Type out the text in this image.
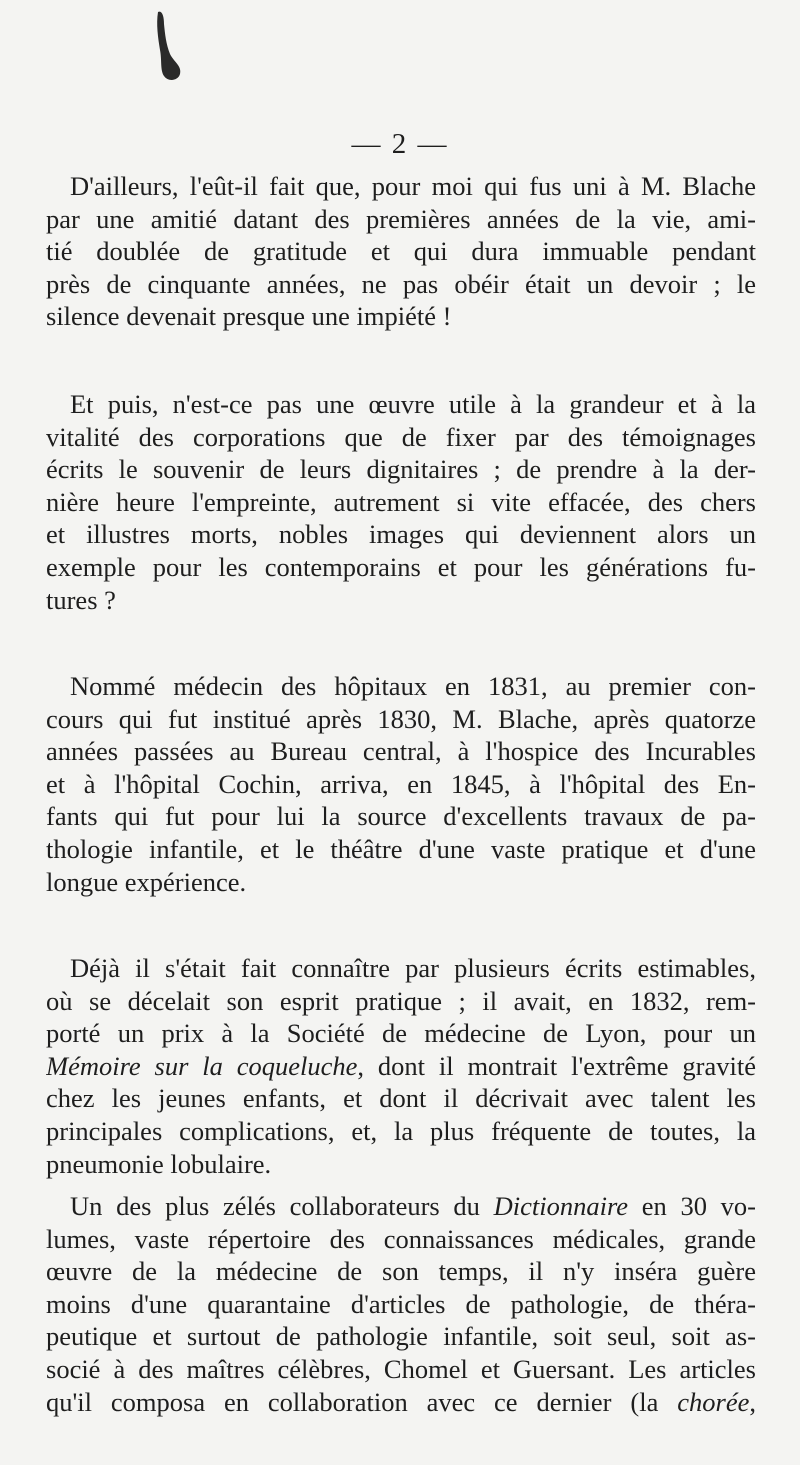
— 2 —
D'ailleurs, l'eût-il fait que, pour moi qui fus uni à M. Blache
par une amitié datant des premières années de la vie, ami-
tié doublée de gratitude et qui dura immuable pendant
près de cinquante années, ne pas obéir était un devoir ; le
silence devenait presque une impiété !
Et puis, n'est-ce pas une œuvre utile à la grandeur et à la
vitalité des corporations que de fixer par des témoignages
écrits le souvenir de leurs dignitaires ; de prendre à la der-
nière heure l'empreinte, autrement si vite effacée, des chers
et illustres morts, nobles images qui deviennent alors un
exemple pour les contemporains et pour les générations fu-
tures ?
Nommé médecin des hôpitaux en 1831, au premier con-
cours qui fut institué après 1830, M. Blache, après quatorze
années passées au Bureau central, à l'hospice des Incurables
et à l'hôpital Cochin, arriva, en 1845, à l'hôpital des En-
fants qui fut pour lui la source d'excellents travaux de pa-
thologie infantile, et le théâtre d'une vaste pratique et d'une
longue expérience.
Déjà il s'était fait connaître par plusieurs écrits estimables,
où se décelait son esprit pratique ; il avait, en 1832, rem-
porté un prix à la Société de médecine de Lyon, pour un
Mémoire sur la coqueluche, dont il montrait l'extrême gravité
chez les jeunes enfants, et dont il décrivait avec talent les
principales complications, et, la plus fréquente de toutes, la
pneumonie lobulaire.
Un des plus zélés collaborateurs du Dictionnaire en 30 vo-
lumes, vaste répertoire des connaissances médicales, grande
œuvre de la médecine de son temps, il n'y inséra guère
moins d'une quarantaine d'articles de pathologie, de théra-
peutique et surtout de pathologie infantile, soit seul, soit as-
socié à des maîtres célèbres, Chomel et Guersant. Les articles
qu'il composa en collaboration avec ce dernier (la chorée,
